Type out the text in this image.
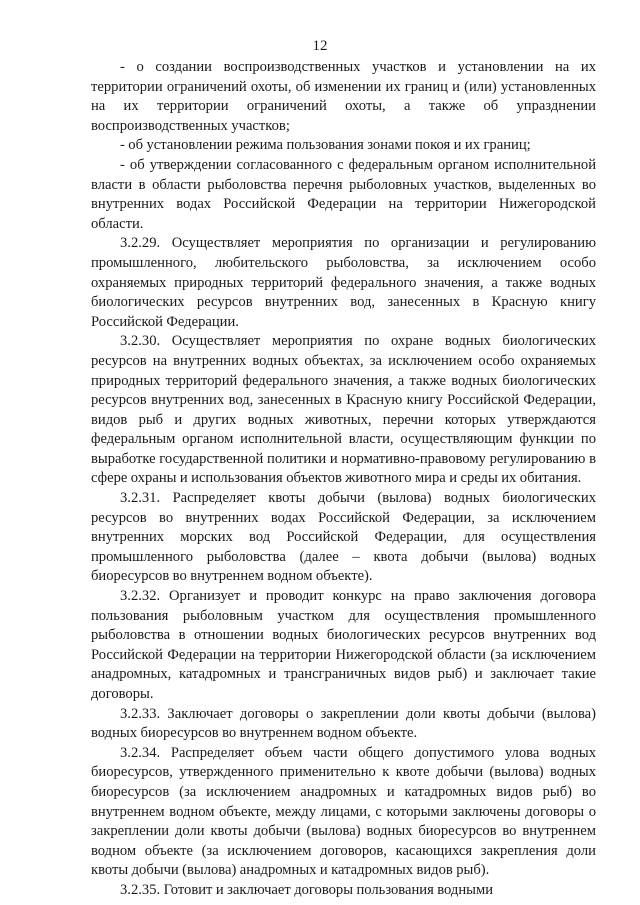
12

- о создании воспроизводственных участков и установлении на их территории ограничений охоты, об изменении их границ и (или) установленных на их территории ограничений охоты, а также об упразднении воспроизводственных участков;

- об установлении режима пользования зонами покоя и их границ;

- об утверждении согласованного с федеральным органом исполнительной власти в области рыболовства перечня рыболовных участков, выделенных во внутренних водах Российской Федерации на территории Нижегородской области.

3.2.29. Осуществляет мероприятия по организации и регулированию промышленного, любительского рыболовства, за исключением особо охраняемых природных территорий федерального значения, а также водных биологических ресурсов внутренних вод, занесенных в Красную книгу Российской Федерации.

3.2.30. Осуществляет мероприятия по охране водных биологических ресурсов на внутренних водных объектах, за исключением особо охраняемых природных территорий федерального значения, а также водных биологических ресурсов внутренних вод, занесенных в Красную книгу Российской Федерации, видов рыб и других водных животных, перечни которых утверждаются федеральным органом исполнительной власти, осуществляющим функции по выработке государственной политики и нормативно-правовому регулированию в сфере охраны и использования объектов животного мира и среды их обитания.

3.2.31. Распределяет квоты добычи (вылова) водных биологических ресурсов во внутренних водах Российской Федерации, за исключением внутренних морских вод Российской Федерации, для осуществления промышленного рыболовства (далее – квота добычи (вылова) водных биоресурсов во внутреннем водном объекте).

3.2.32. Организует и проводит конкурс на право заключения договора пользования рыболовным участком для осуществления промышленного рыболовства в отношении водных биологических ресурсов внутренних вод Российской Федерации на территории Нижегородской области (за исключением анадромных, катадромных и трансграничных видов рыб) и заключает такие договоры.

3.2.33. Заключает договоры о закреплении доли квоты добычи (вылова) водных биоресурсов во внутреннем водном объекте.

3.2.34. Распределяет объем части общего допустимого улова водных биоресурсов, утвержденного применительно к квоте добычи (вылова) водных биоресурсов (за исключением анадромных и катадромных видов рыб) во внутреннем водном объекте, между лицами, с которыми заключены договоры о закреплении доли квоты добычи (вылова) водных биоресурсов во внутреннем водном объекте (за исключением договоров, касающихся закрепления доли квоты добычи (вылова) анадромных и катадромных видов рыб).

3.2.35. Готовит и заключает договоры пользования водными
